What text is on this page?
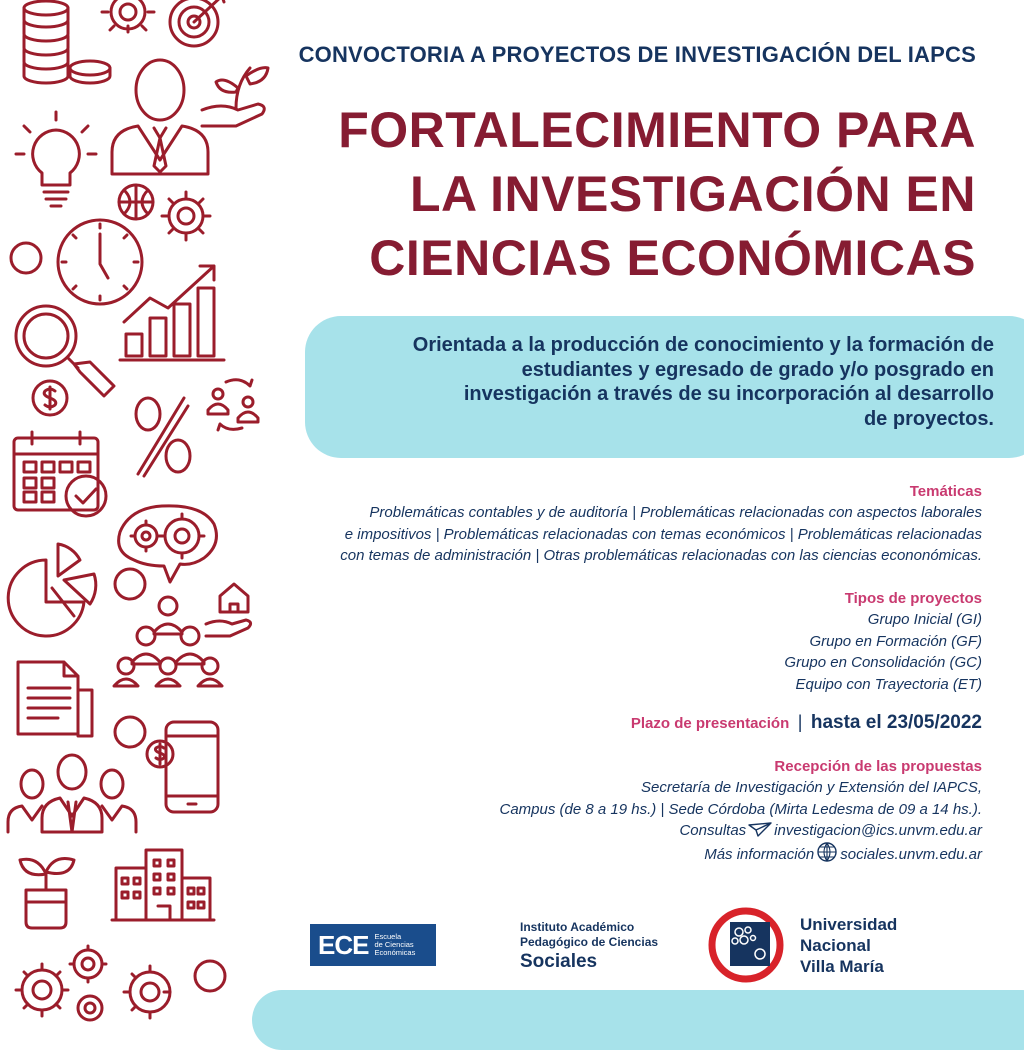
CONVOCTORIA A PROYECTOS DE INVESTIGACIÓN DEL IAPCS
FORTALECIMIENTO PARA
LA INVESTIGACIÓN EN
CIENCIAS ECONÓMICAS
Orientada a la producción de conocimiento y la formación de
estudiantes y egresado de grado y/o posgrado en
investigación a través de su incorporación al desarrollo
de proyectos.
Temáticas
Problemáticas contables y de auditoría | Problemáticas relacionadas con aspectos laborales
e impositivos | Problemáticas relacionadas con temas económicos | Problemáticas relacionadas
con temas de administración | Otras problemáticas relacionadas con las ciencias econonómicas.
Tipos de proyectos
Grupo Inicial (GI)
Grupo en Formación (GF)
Grupo en Consolidación (GC)
Equipo con Trayectoria (ET)
Plazo de presentación | hasta el 23/05/2022
Recepción de las propuestas
Secretaría de Investigación y Extensión del IAPCS,
Campus (de 8 a 19 hs.) | Sede Córdoba (Mirta Ledesma de 09 a 14 hs.).
Consultas investigacion@ics.unvm.edu.ar
Más información sociales.unvm.edu.ar
ECE Escuela
de Ciencias
Económicas
Instituto Académico
Pedagógico de Ciencias
Sociales
Universidad
Nacional
Villa María
